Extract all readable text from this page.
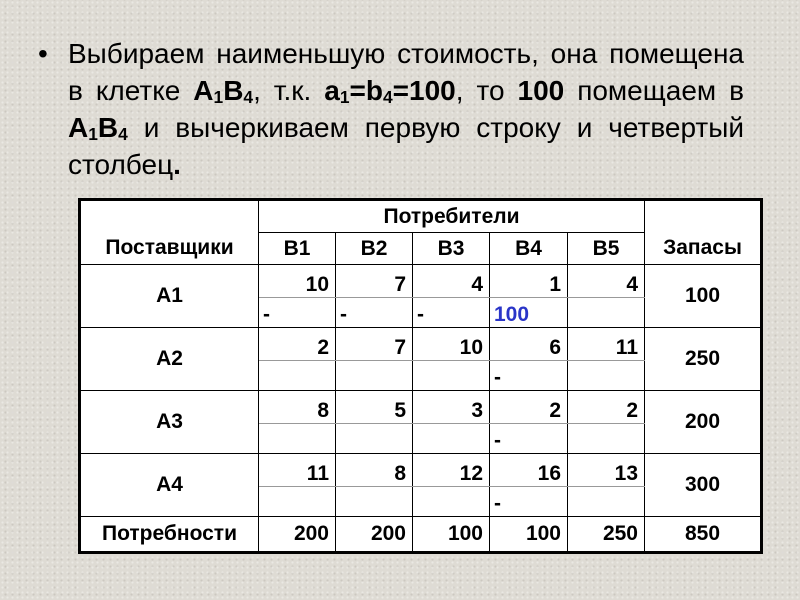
• Выбираем наименьшую стоимость, она помещена в клетке $A_1B_4$, т.к. $a_1=b_4=100$, то 100 помещаем в $A_1B_4$ и вычеркиваем первую строку и четвертый столбец.
Поставщики	Потребители					Запасы
	B1	B2	B3	B4	B5	
A1	10	7	4	1	4	100
	-	-	-	100		
A2	2	7	10	6	11	250
				-		
A3	8	5	3	2	2	200
				-		
A4	11	8	12	16	13	300
				-		
Потребности	200	200	100	100	250	850
